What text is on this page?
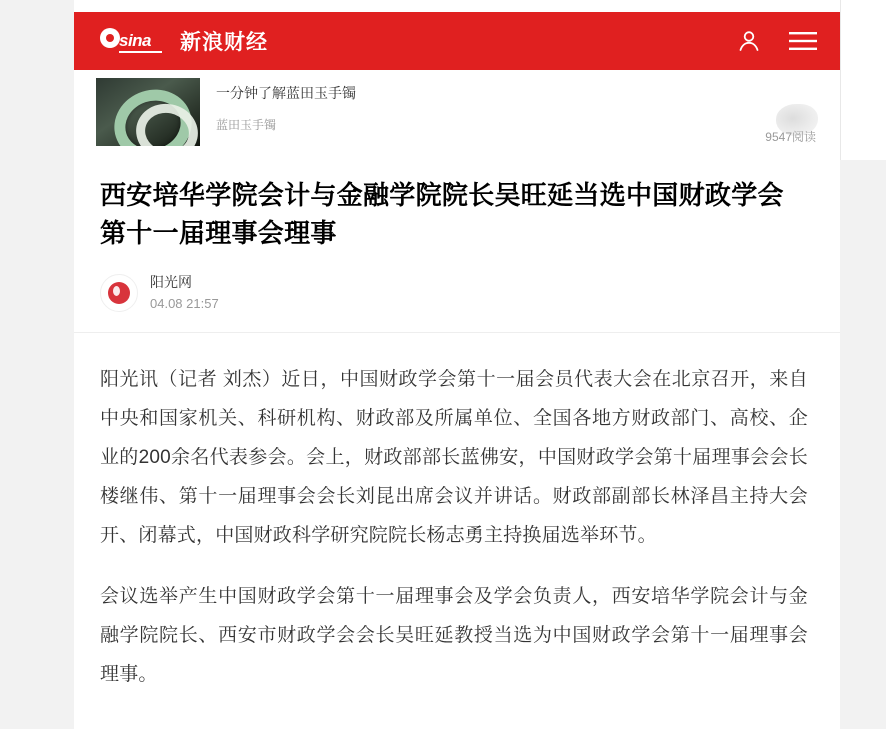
sina 新浪财经
一分钟了解蓝田玉手镯
蓝田玉手镯
9547阅读
西安培华学院会计与金融学院院长吴旺延当选中国财政学会第十一届理事会理事
阳光网
04.08 21:57

阳光讯（记者 刘杰）近日，中国财政学会第十一届会员代表大会在北京召开，来自中央和国家机关、科研机构、财政部及所属单位、全国各地方财政部门、高校、企业的200余名代表参会。会上，财政部部长蓝佛安，中国财政学会第十届理事会会长楼继伟、第十一届理事会会长刘昆出席会议并讲话。财政部副部长林泽昌主持大会开、闭幕式，中国财政科学研究院院长杨志勇主持换届选举环节。

会议选举产生中国财政学会第十一届理事会及学会负责人，西安培华学院会计与金融学院院长、西安市财政学会会长吴旺延教授当选为中国财政学会第十一届理事会理事。
